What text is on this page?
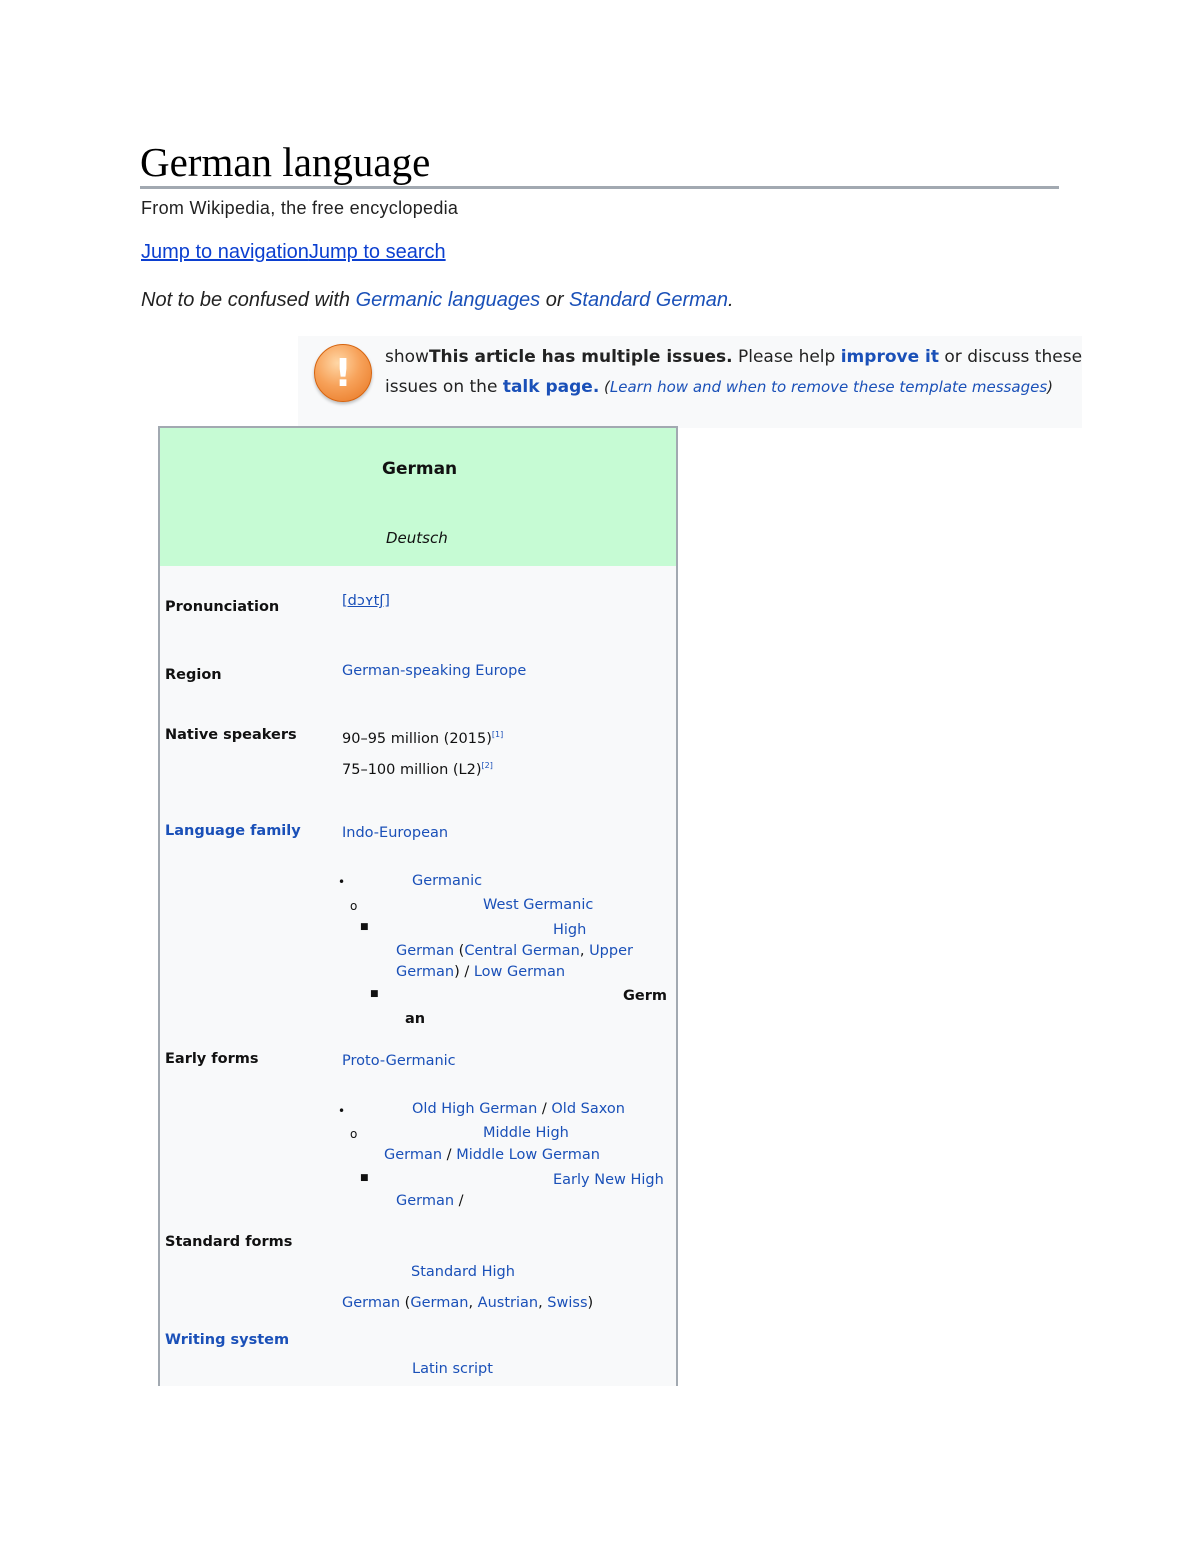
German language
From Wikipedia, the free encyclopedia
Jump to navigationJump to search
Not to be confused with Germanic languages or Standard German.
!	showThis article has multiple issues. Please help improve it or discuss these
issues on the talk page. (Learn how and when to remove these template messages)
German
Deutsch
Pronunciation	[dɔʏtʃ]
Region	German-speaking Europe
Native speakers	90–95 million (2015)[1]
75–100 million (L2)[2]
Language family	Indo-European
•	Germanic
o	West Germanic
■	High
German (Central German, Upper
German) / Low German
■	Germ
an
Early forms	Proto-Germanic
•	Old High German / Old Saxon
o	Middle High
German / Middle Low German
■	Early New High
German /
Standard forms
Standard High
German (German, Austrian, Swiss)
Writing system
Latin script
